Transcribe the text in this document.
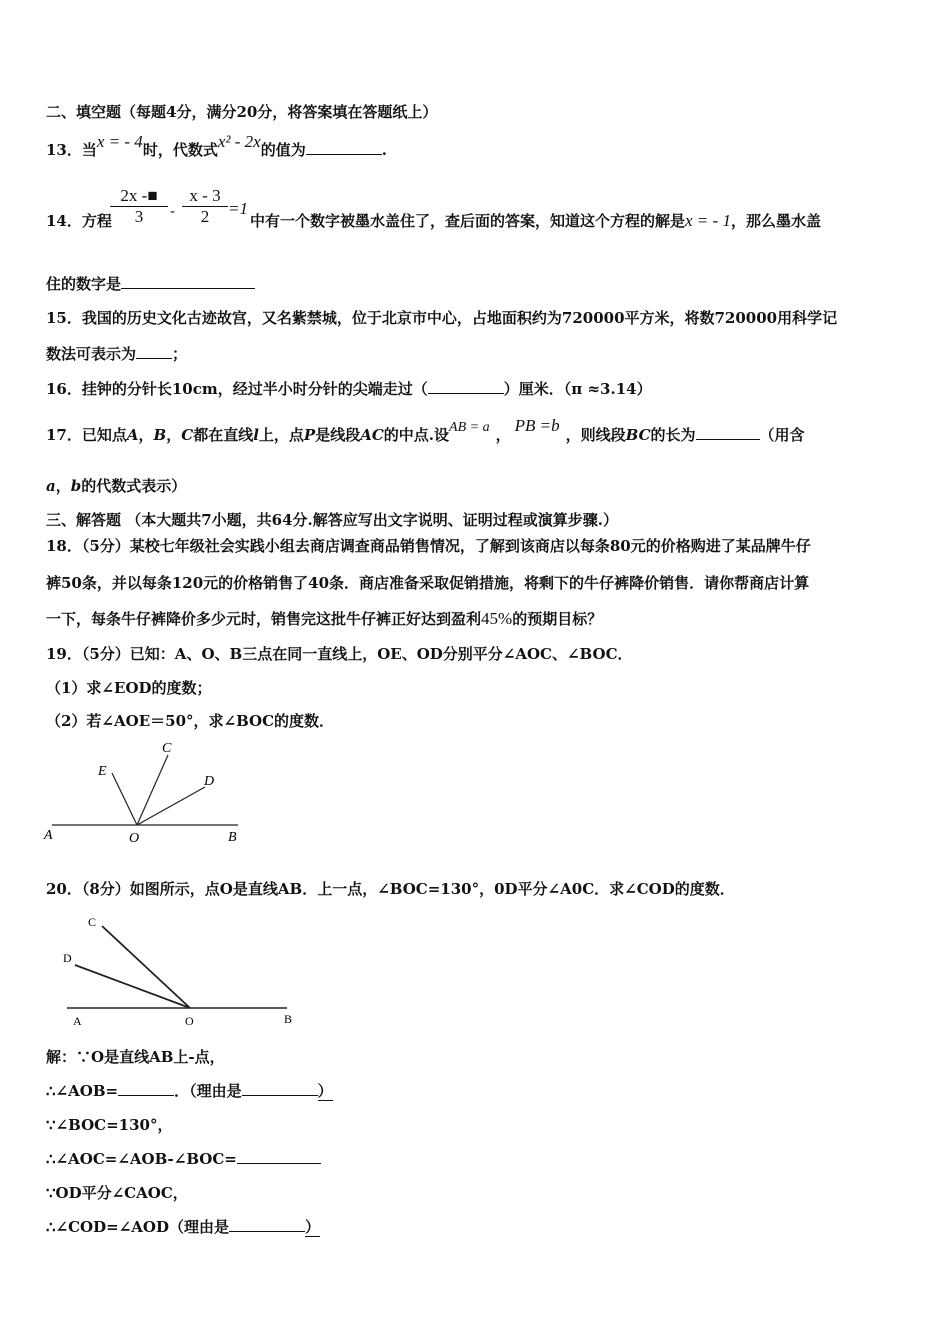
二、填空题（每题4分，满分20分，将答案填在答题纸上）
13．当x = - 4时，代数式x² - 2x的值为	.
14．方程
$\frac{2x -■}{3} - \frac{x - 3}{2} =1$
中有一个数字被墨水盖住了，查后面的答案，知道这个方程的解是x = - 1，那么墨水盖
住的数字是
15．我国的历史文化古迹故宫，又名紫禁城，位于北京市中心，占地面积约为720000平方米，将数720000用科学记
数法可表示为 ；
16．挂钟的分针长10cm，经过半小时分针的尖端走过（	）厘米．（π ≈3.14）
17．已知点A，B，C都在直线l上，点P是线段AC的中点.设AB = a ， PB =b ，则线段BC的长为	（用含
a，b的代数式表示）
三、解答题 （本大题共7小题，共64分.解答应写出文字说明、证明过程或演算步骤.）
18．（5分）某校七年级社会实践小组去商店调查商品销售情况，了解到该商店以每条80元的价格购进了某品牌牛仔
裤50条，并以每条120元的价格销售了40条．商店准备采取促销措施，将剩下的牛仔裤降价销售．请你帮商店计算
一下，每条牛仔裤降价多少元时，销售完这批牛仔裤正好达到盈利45%的预期目标？
19．（5分）已知：A、O、B三点在同一直线上，OE、OD分别平分∠AOC、∠BOC．
（1）求∠EOD的度数；
（2）若∠AOE＝50°，求∠BOC的度数．
A	O	B
C
D
E
20．（8分）如图所示，点O是直线AB．上一点，∠BOC=130°，0D平分∠A0C．求∠COD的度数．
C
D
A	O	B
解：∵O是直线AB上-点，
∴∠AOB=	．（理由是	）
∵∠BOC=130°，
∴∠AOC=∠AOB-∠BOC=
∵OD平分∠CAOC，
∴∠COD=∠AOD（理由是	）
